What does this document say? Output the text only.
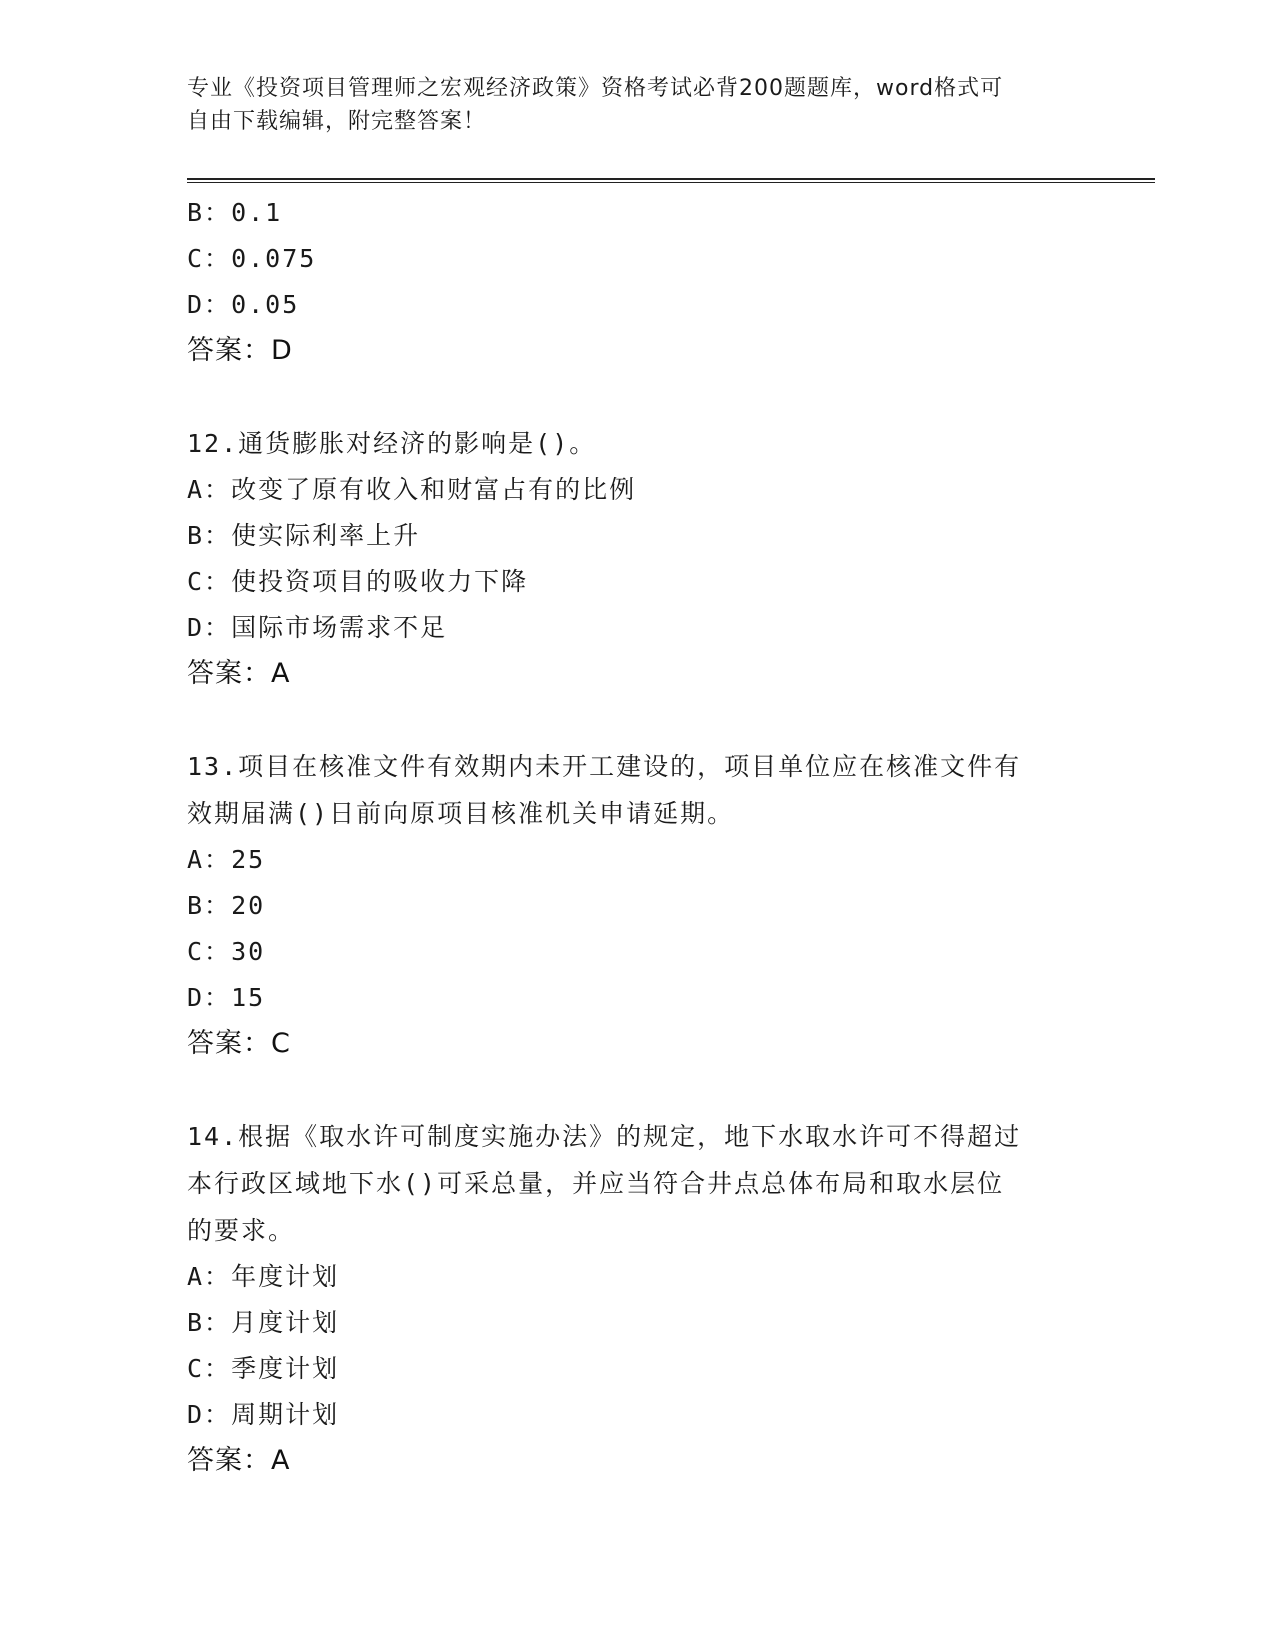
专业《投资项目管理师之宏观经济政策》资格考试必背200题题库，word格式可
自由下载编辑，附完整答案！
B：0.1
C：0.075
D：0.05
答案：D
12.通货膨胀对经济的影响是()。
A：改变了原有收入和财富占有的比例
B：使实际利率上升
C：使投资项目的吸收力下降
D：国际市场需求不足
答案：A
13.项目在核准文件有效期内未开工建设的，项目单位应在核准文件有
效期届满()日前向原项目核准机关申请延期。
A：25
B：20
C：30
D：15
答案：C
14.根据《取水许可制度实施办法》的规定，地下水取水许可不得超过
本行政区域地下水()可采总量，并应当符合井点总体布局和取水层位
的要求。
A：年度计划
B：月度计划
C：季度计划
D：周期计划
答案：A
